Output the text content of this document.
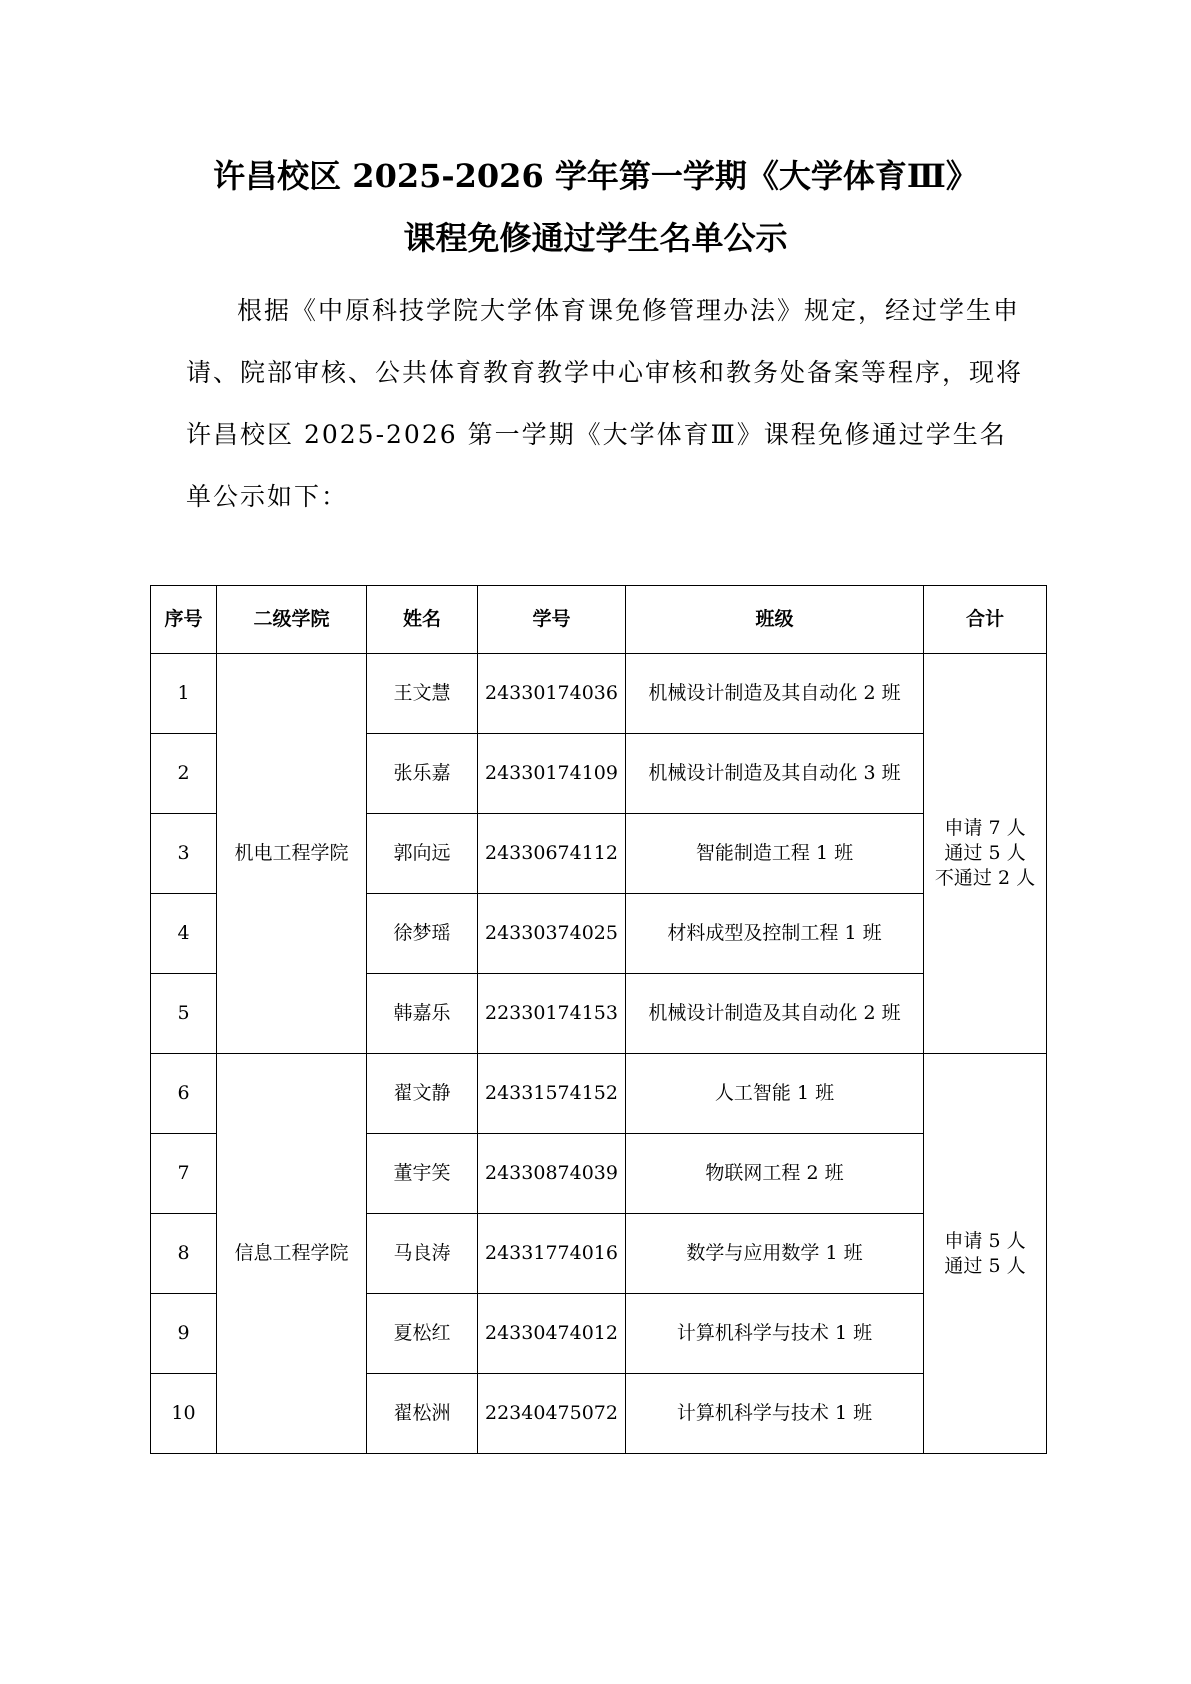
许昌校区 2025-2026 学年第一学期《大学体育Ⅲ》
课程免修通过学生名单公示

根据《中原科技学院大学体育课免修管理办法》规定，经过学生申请、院部审核、公共体育教育教学中心审核和教务处备案等程序，现将许昌校区 2025-2026 第一学期《大学体育Ⅲ》课程免修通过学生名单公示如下：

序号	二级学院	姓名	学号	班级	合计
1	机电工程学院	王文慧	24330174036	机械设计制造及其自动化 2 班	申请 7 人
通过 5 人
不通过 2 人

2		张乐嘉	24330174109	机械设计制造及其自动化 3 班	
3		郭向远	24330674112	智能制造工程 1 班	
4		徐梦瑶	24330374025	材料成型及控制工程 1 班	
5		韩嘉乐	22330174153	机械设计制造及其自动化 2 班	
6	信息工程学院	翟文静	24331574152	人工智能 1 班	申请 5 人
通过 5 人

7		董宇笑	24330874039	物联网工程 2 班	
8		马良涛	24331774016	数学与应用数学 1 班	
9		夏松红	24330474012	计算机科学与技术 1 班	
10		翟松洲	22340475072	计算机科学与技术 1 班	
